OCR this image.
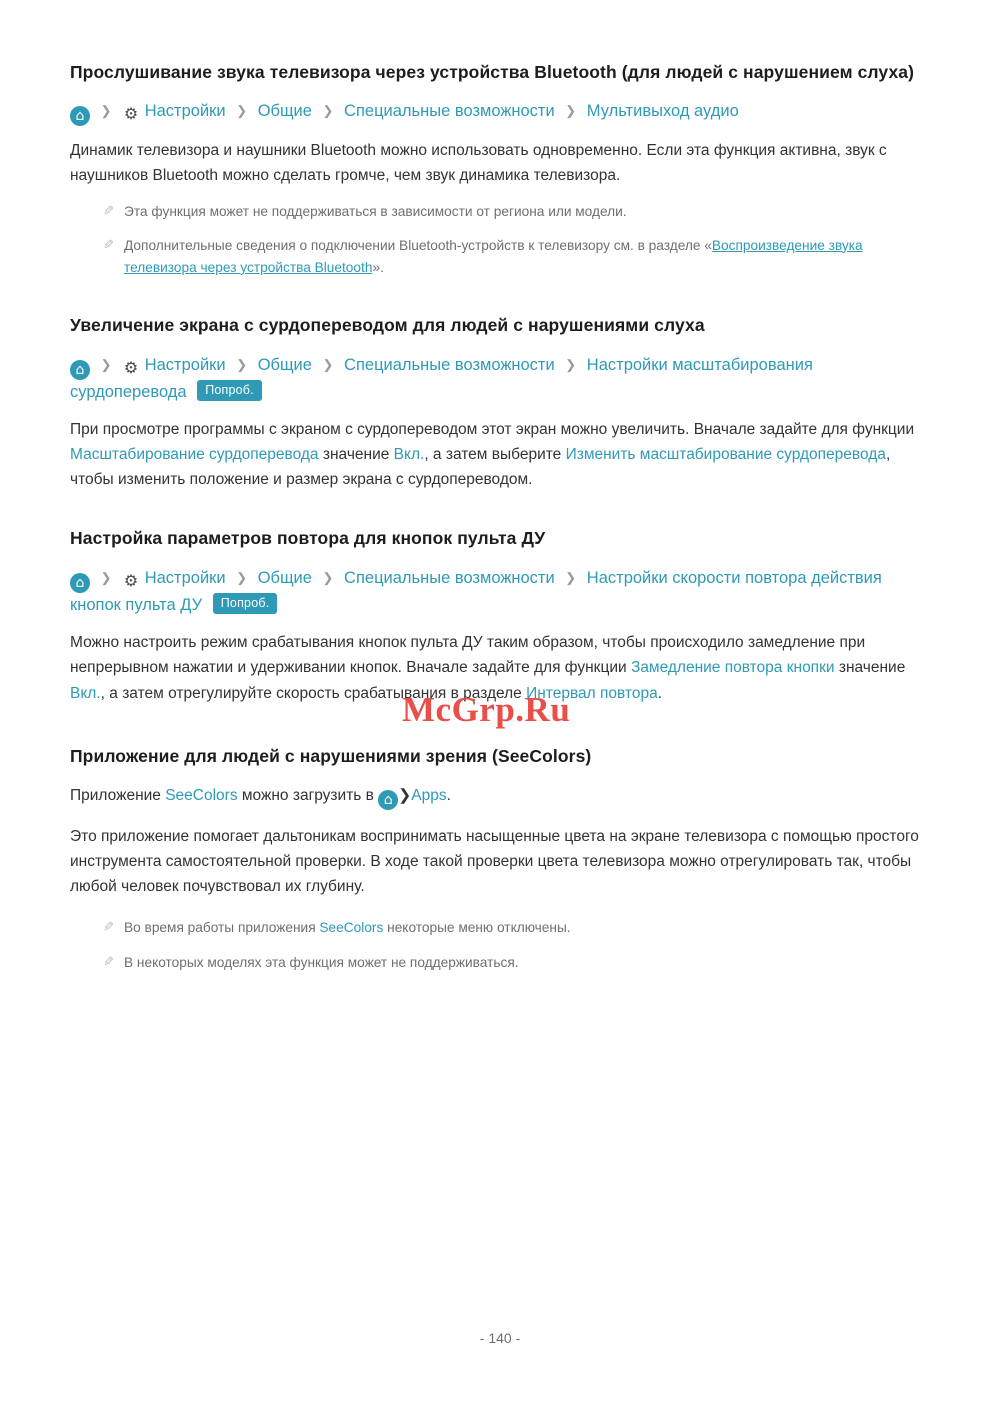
Прослушивание звука телевизора через устройства Bluetooth (для людей с нарушением слуха)
⌂ ❯ ⚙ Настройки ❯ Общие ❯ Специальные возможности ❯ Мультивыход аудио

Динамик телевизора и наушники Bluetooth можно использовать одновременно. Если эта функция активна, звук с наушников Bluetooth можно сделать громче, чем звук динамика телевизора.

✎
Эта функция может не поддерживаться в зависимости от региона или модели.
✎
Дополнительные сведения о подключении Bluetooth-устройств к телевизору см. в разделе «Воспроизведение звука телевизора через устройства Bluetooth».
Увеличение экрана с сурдопереводом для людей с нарушениями слуха
⌂ ❯ ⚙ Настройки ❯ Общие ❯ Специальные возможности ❯ Настройки масштабирования сурдоперевода Попроб.

При просмотре программы с экраном с сурдопереводом этот экран можно увеличить. Вначале задайте для функции Масштабирование сурдоперевода значение Вкл., а затем выберите Изменить масштабирование сурдоперевода, чтобы изменить положение и размер экрана с сурдопереводом.

Настройка параметров повтора для кнопок пульта ДУ
⌂ ❯ ⚙ Настройки ❯ Общие ❯ Специальные возможности ❯ Настройки скорости повтора действия кнопок пульта ДУ Попроб.

Можно настроить режим срабатывания кнопок пульта ДУ таким образом, чтобы происходило замедление при непрерывном нажатии и удерживании кнопок. Вначале задайте для функции Замедление повтора кнопки значение Вкл., а затем отрегулируйте скорость срабатывания в разделе Интервал повтора.

Приложение для людей с нарушениями зрения (SeeColors)

Приложение SeeColors можно загрузить в ⌂❯Apps.

Это приложение помогает дальтоникам воспринимать насыщенные цвета на экране телевизора с помощью простого инструмента самостоятельной проверки. В ходе такой проверки цвета телевизора можно отрегулировать так, чтобы любой человек почувствовал их глубину.

✎
Во время работы приложения SeeColors некоторые меню отключены.
✎
В некоторых моделях эта функция может не поддерживаться.
McGrp.Ru
- 140 -
